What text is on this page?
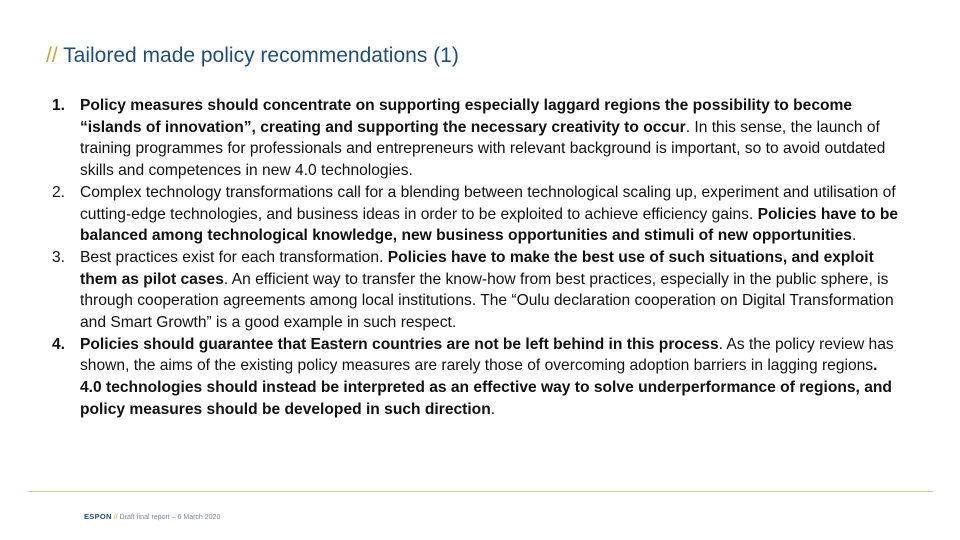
// Tailored made policy recommendations (1)
1. Policy measures should concentrate on supporting especially laggard regions the possibility to become “islands of innovation”, creating and supporting the necessary creativity to occur. In this sense, the launch of training programmes for professionals and entrepreneurs with relevant background is important, so to avoid outdated skills and competences in new 4.0 technologies.
2. Complex technology transformations call for a blending between technological scaling up, experiment and utilisation of cutting-edge technologies, and business ideas in order to be exploited to achieve efficiency gains. Policies have to be balanced among technological knowledge, new business opportunities and stimuli of new opportunities.
3. Best practices exist for each transformation. Policies have to make the best use of such situations, and exploit them as pilot cases. An efficient way to transfer the know-how from best practices, especially in the public sphere, is through cooperation agreements among local institutions. The “Oulu declaration cooperation on Digital Transformation and Smart Growth” is a good example in such respect.
4. Policies should guarantee that Eastern countries are not be left behind in this process. As the policy review has shown, the aims of the existing policy measures are rarely those of overcoming adoption barriers in lagging regions. 4.0 technologies should instead be interpreted as an effective way to solve underperformance of regions, and policy measures should be developed in such direction.
ESPON // Draft final report – 6 March 2020
